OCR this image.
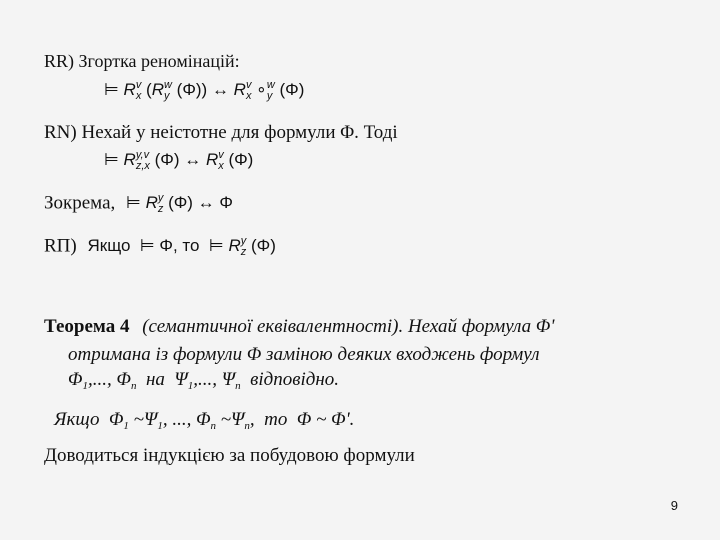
RR) Згортка реномінацій:
⊨ R v
x (R w
y (Φ)) ↔ R v
x ∘ w
y (Φ)
RN) Нехай y неістотне для формули Φ. Тоді
⊨ R y,v
z,x (Φ) ↔ R v
x (Φ)
Зокрема, ⊨ R y
z (Φ) ↔ Φ
RП) Якщо  ⊨ Φ, то  ⊨ R y
z (Φ)
Теорема 4 (семантичної еквівалентності). Нехай формула Φ'
отримана із формули Φ заміною деяких входжень формул
$\Phi_1$,..., $\Phi_n$  на  $\Psi_1$,..., $\Psi_n$  відповідно.
Якщо  $\Phi_1$ $\sim\Psi_1$, ..., $\Phi_n$ $\sim\Psi_n$,  то  Φ ~ Φ'.
Доводиться індукцією за побудовою формули
9
